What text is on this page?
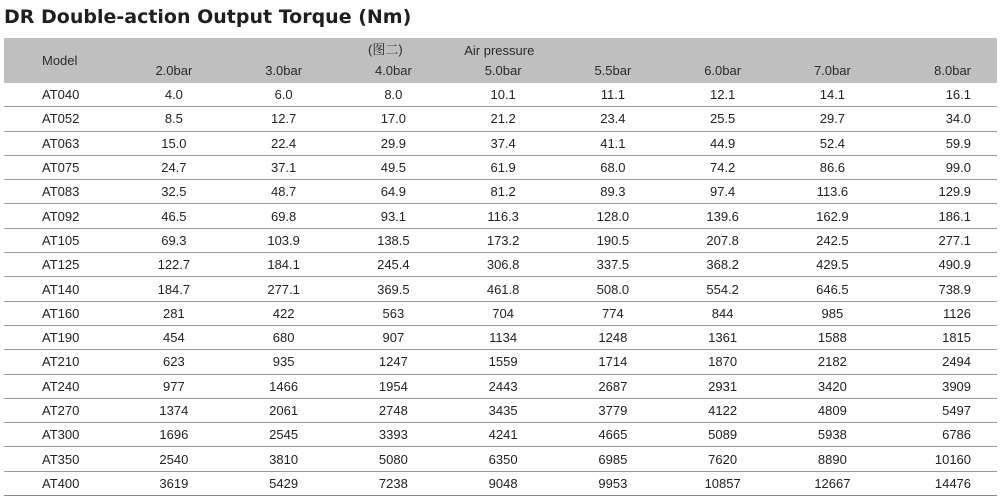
DR Double-action Output Torque (Nm)
Model			(图二)	Air pressure				
	2.0bar	3.0bar	4.0bar	5.0bar	5.5bar	6.0bar	7.0bar	8.0bar
AT040	4.0	6.0	8.0	10.1	11.1	12.1	14.1	16.1
AT052	8.5	12.7	17.0	21.2	23.4	25.5	29.7	34.0
AT063	15.0	22.4	29.9	37.4	41.1	44.9	52.4	59.9
AT075	24.7	37.1	49.5	61.9	68.0	74.2	86.6	99.0
AT083	32.5	48.7	64.9	81.2	89.3	97.4	113.6	129.9
AT092	46.5	69.8	93.1	116.3	128.0	139.6	162.9	186.1
AT105	69.3	103.9	138.5	173.2	190.5	207.8	242.5	277.1
AT125	122.7	184.1	245.4	306.8	337.5	368.2	429.5	490.9
AT140	184.7	277.1	369.5	461.8	508.0	554.2	646.5	738.9
AT160	281	422	563	704	774	844	985	1126
AT190	454	680	907	1134	1248	1361	1588	1815
AT210	623	935	1247	1559	1714	1870	2182	2494
AT240	977	1466	1954	2443	2687	2931	3420	3909
AT270	1374	2061	2748	3435	3779	4122	4809	5497
AT300	1696	2545	3393	4241	4665	5089	5938	6786
AT350	2540	3810	5080	6350	6985	7620	8890	10160
AT400	3619	5429	7238	9048	9953	10857	12667	14476
